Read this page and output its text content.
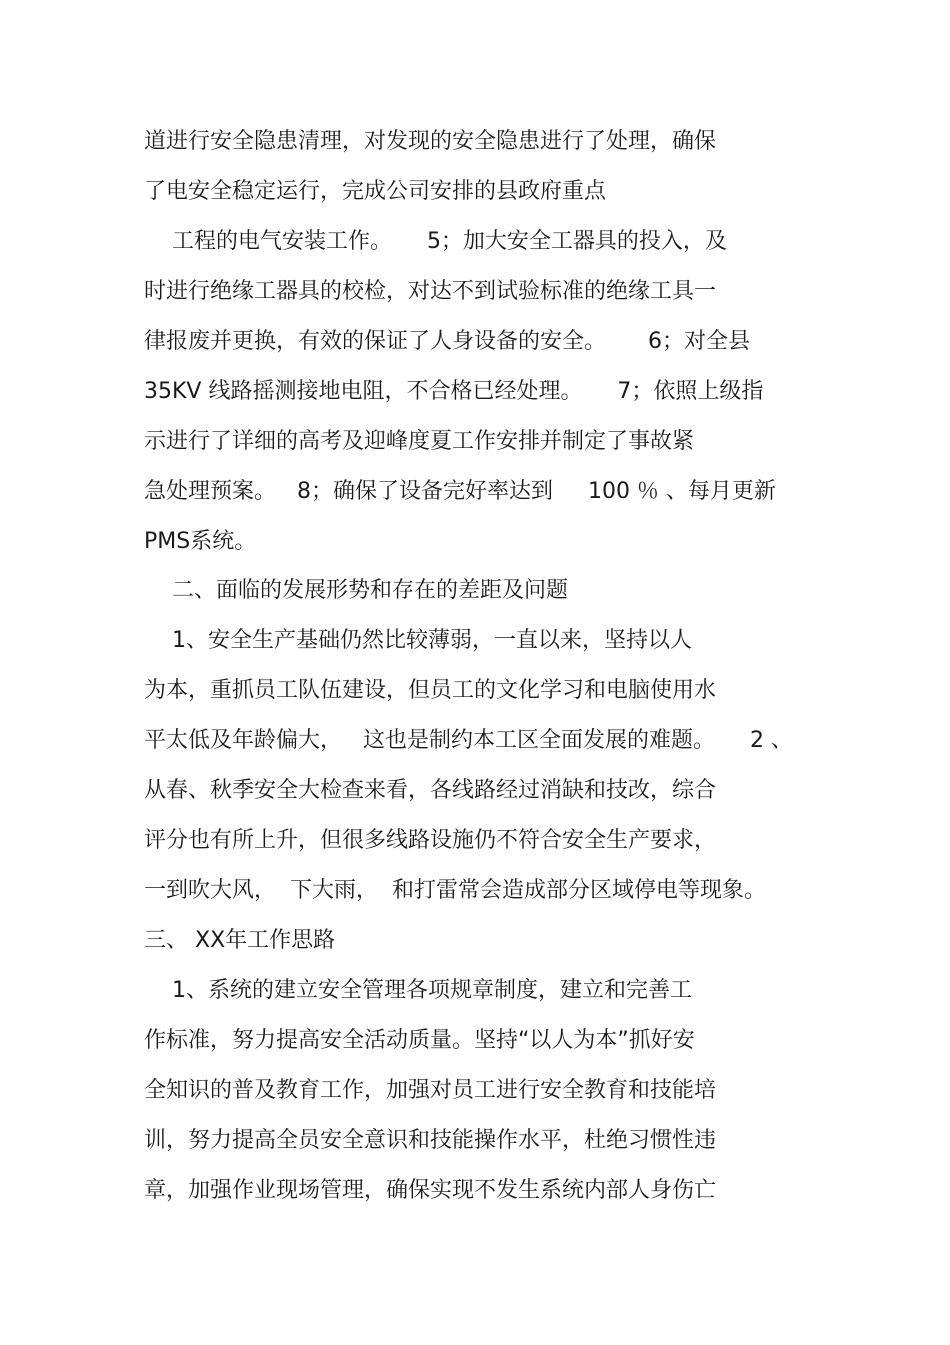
道进行安全隐患清理，对发现的安全隐患进行了处理，确保

了电安全稳定运行，完成公司安排的县政府重点

工程的电气安装工作。     5；加大安全工器具的投入，及

时进行绝缘工器具的校检，对达不到试验标准的绝缘工具一

律报废并更换，有效的保证了人身设备的安全。      6；对全县

35KV 线路摇测接地电阻，不合格已经处理。     7；依照上级指

示进行了详细的高考及迎峰度夏工作安排并制定了事故紧

急处理预案。   8；确保了设备完好率达到     100 ％ 、每月更新

PMS系统。

二、面临的发展形势和存在的差距及问题

1、安全生产基础仍然比较薄弱，一直以来，坚持以人

为本，重抓员工队伍建设，但员工的文化学习和电脑使用水

平太低及年龄偏大，   这也是制约本工区全面发展的难题。     2 、

从春、秋季安全大检查来看，各线路经过消缺和技改，综合

评分也有所上升，但很多线路设施仍不符合安全生产要求，

一到吹大风，  下大雨，  和打雷常会造成部分区域停电等现象。

三、 XX年工作思路

1、系统的建立安全管理各项规章制度，建立和完善工

作标准，努力提高安全活动质量。坚持“以人为本”抓好安

全知识的普及教育工作，加强对员工进行安全教育和技能培

训，努力提高全员安全意识和技能操作水平，杜绝习惯性违

章，加强作业现场管理，确保实现不发生系统内部人身伤亡
